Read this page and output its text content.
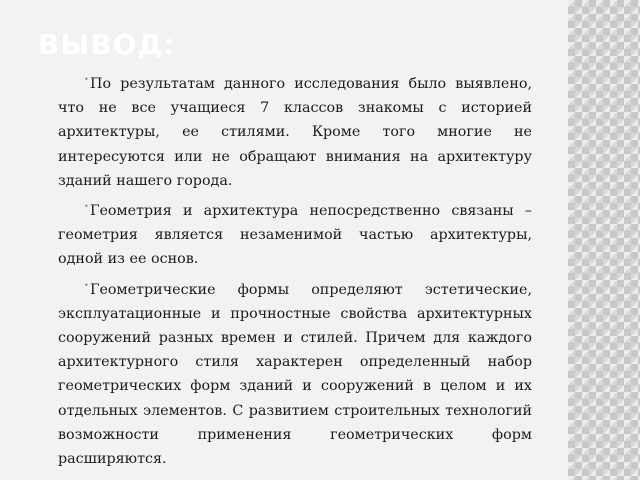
ВЫВОД:

• По результатам данного исследования было выявлено, что не все учащиеся 7 классов знакомы с историей архитектуры, ее стилями. Кроме того многие не интересуются или не обращают внимания на архитектуру зданий нашего города.

• Геометрия и архитектура непосредственно связаны – геометрия является незаменимой частью архитектуры, одной из ее основ.

• Геометрические формы определяют эстетические, эксплуатационные и прочностные свойства архитектурных сооружений разных времен и стилей. Причем для каждого архитектурного стиля характерен определенный набор геометрических форм зданий и сооружений в целом и их отдельных элементов. С развитием строительных технологий возможности применения геометрических форм расширяются.
